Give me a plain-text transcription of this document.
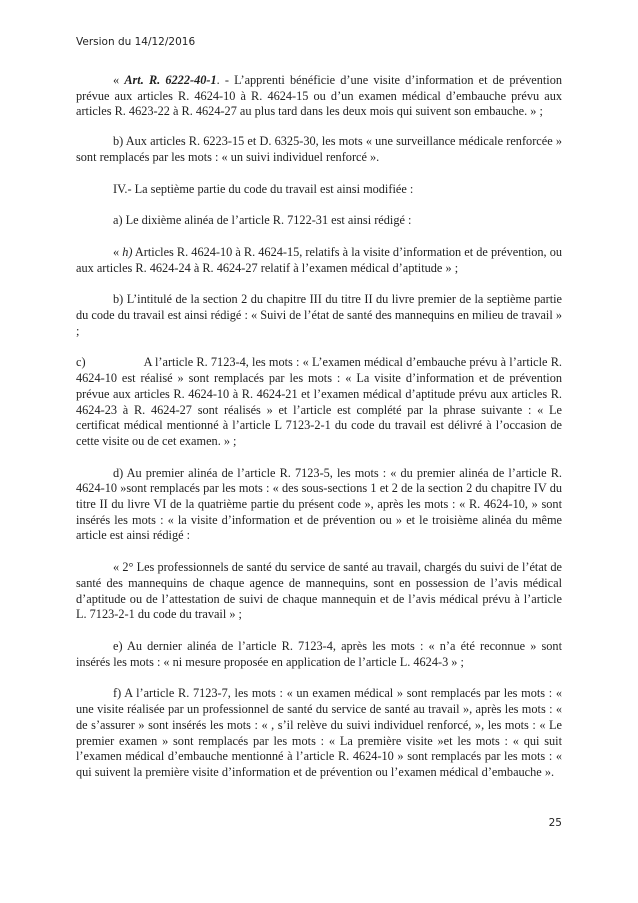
Version du 14/12/2016

« Art. R. 6222-40-1. - L’apprenti bénéficie d’une visite d’information et de prévention prévue aux articles R. 4624-10 à R. 4624-15 ou d’un examen médical d’embauche prévu aux articles R. 4623-22 à R. 4624-27 au plus tard dans les deux mois qui suivent son embauche. » ;

b) Aux articles R. 6223-15 et D. 6325-30, les mots « une surveillance médicale renforcée » sont remplacés par les mots : « un suivi individuel renforcé ».

IV.- La septième partie du code du travail est ainsi modifiée :

a) Le dixième alinéa de l’article R. 7122-31 est ainsi rédigé :

« h) Articles R. 4624-10 à R. 4624-15, relatifs à la visite d’information et de prévention, ou aux articles R. 4624-24 à R. 4624-27 relatif à l’examen médical d’aptitude » ;

b) L’intitulé de la section 2 du chapitre III du titre II du livre premier de la septième partie du code du travail est ainsi rédigé : « Suivi de l’état de santé des mannequins en milieu de travail » ;

c)	A l’article R. 7123-4, les mots : « L’examen médical d’embauche prévu à l’article R. 4624-10 est réalisé » sont remplacés par les mots : « La visite d’information et de prévention prévue aux articles R. 4624-10 à R. 4624-21 et l’examen médical d’aptitude prévu aux articles R. 4624-23 à R. 4624-27 sont réalisés » et l’article est complété par la phrase suivante : « Le certificat médical mentionné à l’article L 7123-2-1 du code du travail est délivré à l’occasion de cette visite ou de cet examen. » ;

d) Au premier alinéa de l’article R. 7123-5, les mots : « du premier alinéa de l’article R. 4624-10 »sont remplacés par les mots : « des sous-sections 1 et 2 de la section 2 du chapitre IV du titre II du livre VI de la quatrième partie du présent code », après les mots : « R. 4624-10, » sont insérés les mots : « la visite d’information et de prévention ou » et le troisième alinéa du même article est ainsi rédigé :

« 2° Les professionnels de santé du service de santé au travail, chargés du suivi de l’état de santé des mannequins de chaque agence de mannequins, sont en possession de l’avis médical d’aptitude ou de l’attestation de suivi de chaque mannequin et de l’avis médical prévu à l’article L. 7123-2-1 du code du travail » ;

e) Au dernier alinéa de l’article R. 7123-4, après les mots : « n’a été reconnue » sont insérés les mots : « ni mesure proposée en application de l’article L. 4624-3 » ;

f) A l’article R. 7123-7, les mots : « un examen médical » sont remplacés par les mots : « une visite réalisée par un professionnel de santé du service de santé au travail », après les mots : « de s’assurer » sont insérés les mots : « , s’il relève du suivi individuel renforcé, », les mots : « Le premier examen » sont remplacés par les mots : « La première visite »et les mots : « qui suit l’examen médical d’embauche mentionné à l’article R. 4624-10 » sont remplacés par les mots : « qui suivent la première visite d’information et de prévention ou l’examen médical d’embauche ».

25
